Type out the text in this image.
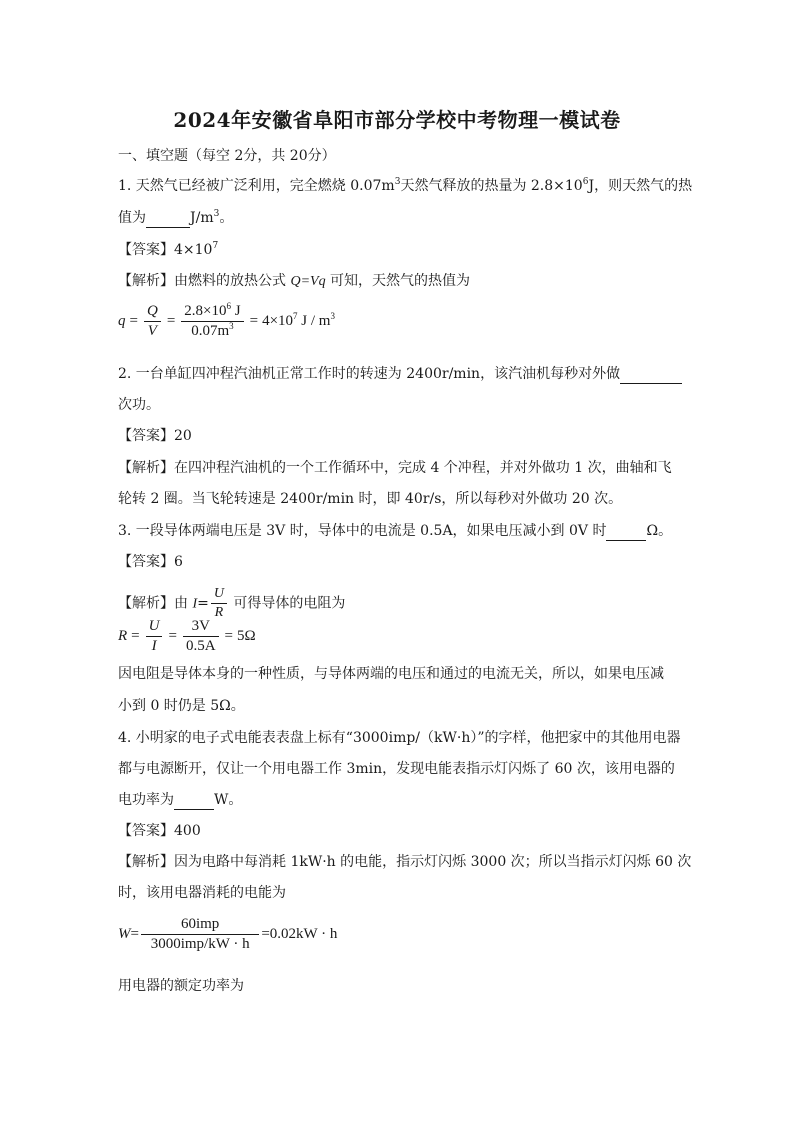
2024年安徽省阜阳市部分学校中考物理一模试卷
一、填空题（每空 2分，共 20分）
1. 天然气已经被广泛利用，完全燃烧 $0.07m^3$天然气释放的热量为 $2.8\times 10^6J$，则天然气的热
值为	$J/m^3$。
【答案】$4\times 10^7$
【解析】由燃料的放热公式 Q=Vq 可知，天然气的热值为
$q = \frac{Q}{V} = \frac{2.8\times 10^6 J}{0.07m^3} = 4\times 10^7$ J / $m^3$
2. 一台单缸四冲程汽油机正常工作时的转速为 2400r/min，该汽油机每秒对外做
次功。
【答案】20
【解析】在四冲程汽油机的一个工作循环中，完成 4 个冲程，并对外做功 1 次，曲轴和飞
轮转 2 圈。当飞轮转速是 2400r/min 时，即 40r/s，所以每秒对外做功 20 次。
3. 一段导体两端电压是 3V 时，导体中的电流是 0.5A，如果电压减小到 0V 时	Ω。
【答案】6
【解析】由 $I= \frac{U}{R}$ 可得导体的电阻为
$R = \frac{U}{I} = \frac{3V}{0.5A} = 5\Omega$
因电阻是导体本身的一种性质，与导体两端的电压和通过的电流无关，所以，如果电压减
小到 0 时仍是 5Ω。
4. 小明家的电子式电能表表盘上标有“3000imp/（kW·h）”的字样，他把家中的其他用电器
都与电源断开，仅让一个用电器工作 3min，发现电能表指示灯闪烁了 60 次，该用电器的
电功率为	W。
【答案】400
【解析】因为电路中每消耗 1kW·h 的电能，指示灯闪烁 3000 次；所以当指示灯闪烁 60 次
时，该用电器消耗的电能为
$W= \frac{\text{60imp}}{\text{3000imp/kW · h}} =0.02kW \cdot h$
用电器的额定功率为
